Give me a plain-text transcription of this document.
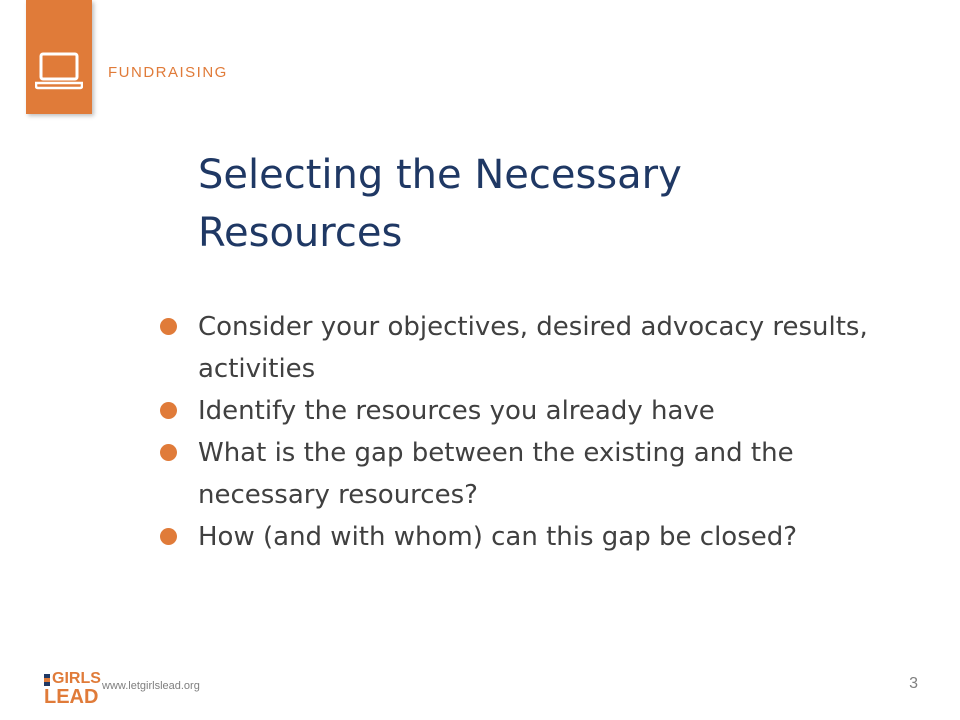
FUNDRAISING
Selecting the Necessary Resources
Consider your objectives, desired advocacy results, activities
Identify the resources you already have
What is the gap between the existing and the necessary resources?
How (and with whom) can this gap be closed?
GIRLS
LEAD www.letgirlslead.org	3
